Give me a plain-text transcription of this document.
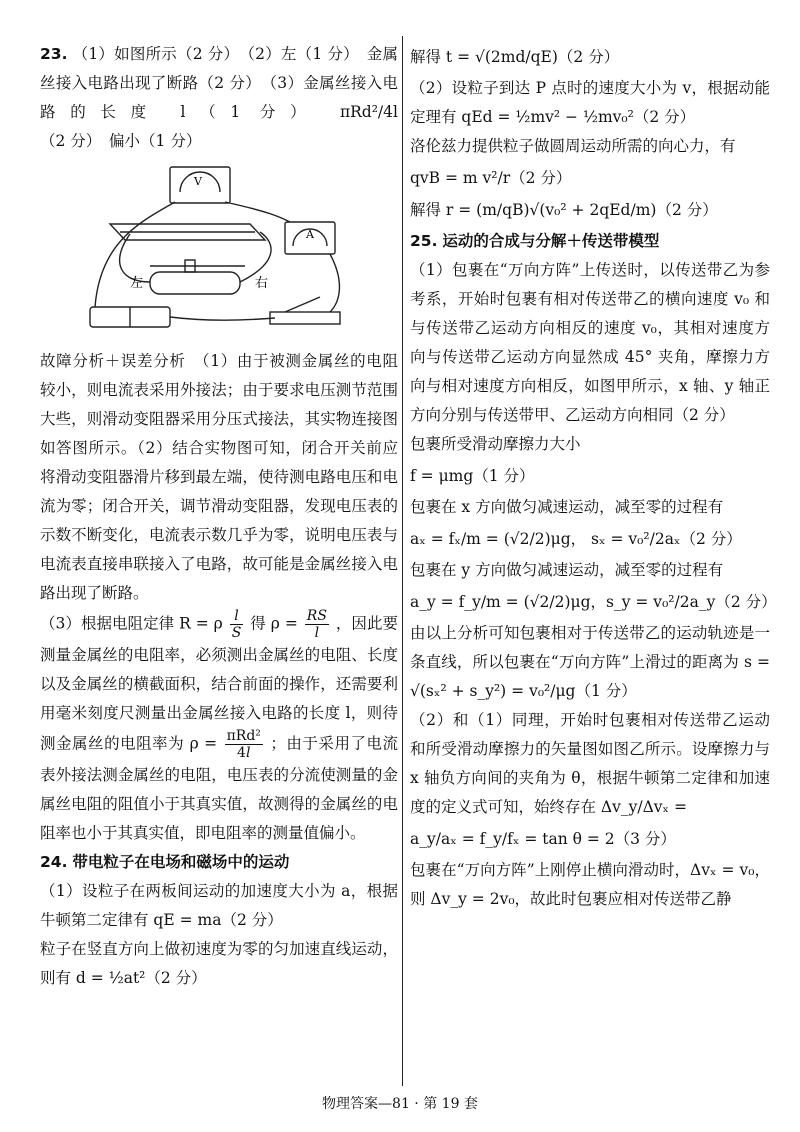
23. （1）如图所示（2 分）　（2）左（1 分）　金属丝接入电路出现了断路（2 分）　（3）金属丝接入电路的长度 l（1 分） πRd²/4l （2 分）　偏小（1 分）

V
A
左	右

故障分析＋误差分析　（1）由于被测金属丝的电阻较小，则电流表采用外接法；由于要求电压测节范围大些，则滑动变阻器采用分压式接法，其实物连接图如答图所示。（2）结合实物图可知，闭合开关前应将滑动变阻器滑片移到最左端，使待测电路电压和电流为零；闭合开关，调节滑动变阻器，发现电压表的示数不断变化，电流表示数几乎为零，说明电压表与电流表直接串联接入了电路，故可能是金属丝接入电路出现了断路。

（3）根据电阻定律 R = ρ $\frac{l}{S}$ 得 $\rho = \frac{RS}{l}$ ，因此要测量金属丝的电阻率，必须测出金属丝的电阻、长度以及金属丝的横截面积，结合前面的操作，还需要利用毫米刻度尺测量出金属丝接入电路的长度 l，则待测金属丝的电阻率为 $\rho = \frac{\text{πRd²}}{4l}$ ；由于采用了电流表外接法测金属丝的电阻，电压表的分流使测量的金属丝电阻的阻值小于其真实值，故测得的金属丝的电阻率也小于其真实值，即电阻率的测量值偏小。

24. 带电粒子在电场和磁场中的运动

（1）设粒子在两板间运动的加速度大小为 a，根据牛顿第二定律有 qE = ma（2 分）

粒子在竖直方向上做初速度为零的匀加速直线运动，则有 d = ½at²（2 分）

解得 t = √(2md/qE)（2 分）

（2）设粒子到达 P 点时的速度大小为 v，根据动能定理有 qEd = ½mv² − ½mv₀²（2 分）

洛伦兹力提供粒子做圆周运动所需的向心力，有

qvB = m v²/r（2 分）

解得 r = (m/qB)√(v₀² + 2qEd/m)（2 分）

25. 运动的合成与分解＋传送带模型

（1）包裹在“万向方阵”上传送时，以传送带乙为参考系，开始时包裹有相对传送带乙的横向速度 v₀ 和与传送带乙运动方向相反的速度 v₀，其相对速度方向与传送带乙运动方向显然成 45° 夹角，摩擦力方向与相对速度方向相反，如图甲所示，x 轴、y 轴正方向分别与传送带甲、乙运动方向相同（2 分）

包裹所受滑动摩擦力大小

f = μmg（1 分）

包裹在 x 方向做匀减速运动，减至零的过程有

aₓ = fₓ/m = (√2/2)μg， sₓ = v₀²/2aₓ（2 分）

包裹在 y 方向做匀减速运动，减至零的过程有

a_y = f_y/m = (√2/2)μg，s_y = v₀²/2a_y（2 分）

由以上分析可知包裹相对于传送带乙的运动轨迹是一条直线，所以包裹在“万向方阵”上滑过的距离为 s = √(sₓ² + s_y²) = v₀²/μg（1 分）

（2）和（1）同理，开始时包裹相对传送带乙运动和所受滑动摩擦力的矢量图如图乙所示。设摩擦力与 x 轴负方向间的夹角为 θ，根据牛顿第二定律和加速度的定义式可知，始终存在 Δv_y/Δvₓ =

a_y/aₓ = f_y/fₓ = tan θ = 2（3 分）

包裹在“万向方阵”上刚停止横向滑动时，Δvₓ = v₀，则 Δv_y = 2v₀，故此时包裹应相对传送带乙静

物理答案—81 · 第 19 套
